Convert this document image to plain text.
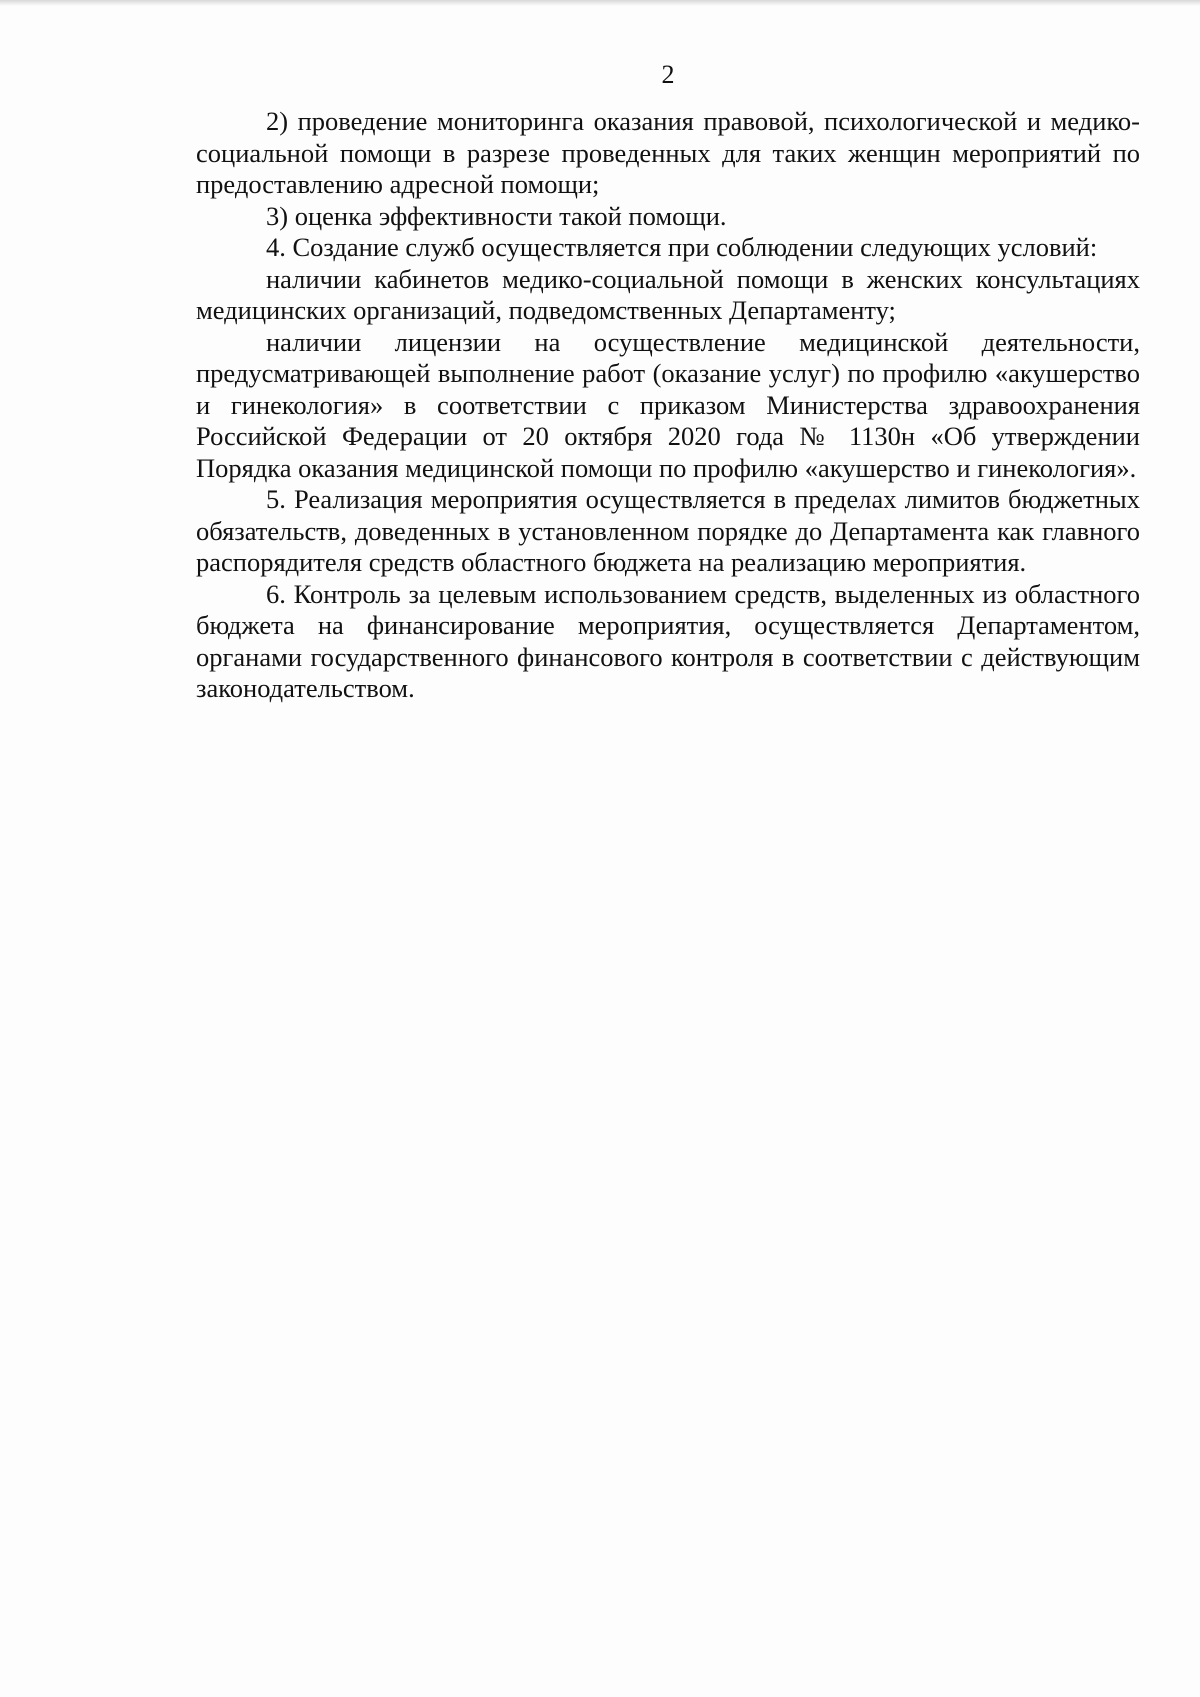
2

2) проведение мониторинга оказания правовой, психологической и медико-социальной помощи в разрезе проведенных для таких женщин мероприятий по предоставлению адресной помощи;

3) оценка эффективности такой помощи.

4. Создание служб осуществляется при соблюдении следующих условий:

наличии кабинетов медико-социальной помощи в женских консультациях медицинских организаций, подведомственных Департаменту;

наличии лицензии на осуществление медицинской деятельности, предусматривающей выполнение работ (оказание услуг) по профилю «акушерство и гинекология» в соответствии с приказом Министерства здравоохранения Российской Федерации от 20 октября 2020 года № 1130н «Об утверждении Порядка оказания медицинской помощи по профилю «акушерство и гинекология».

5. Реализация мероприятия осуществляется в пределах лимитов бюджетных обязательств, доведенных в установленном порядке до Департамента как главного распорядителя средств областного бюджета на реализацию мероприятия.

6. Контроль за целевым использованием средств, выделенных из областного бюджета на финансирование мероприятия, осуществляется Департаментом, органами государственного финансового контроля в соответствии с действующим законодательством.
